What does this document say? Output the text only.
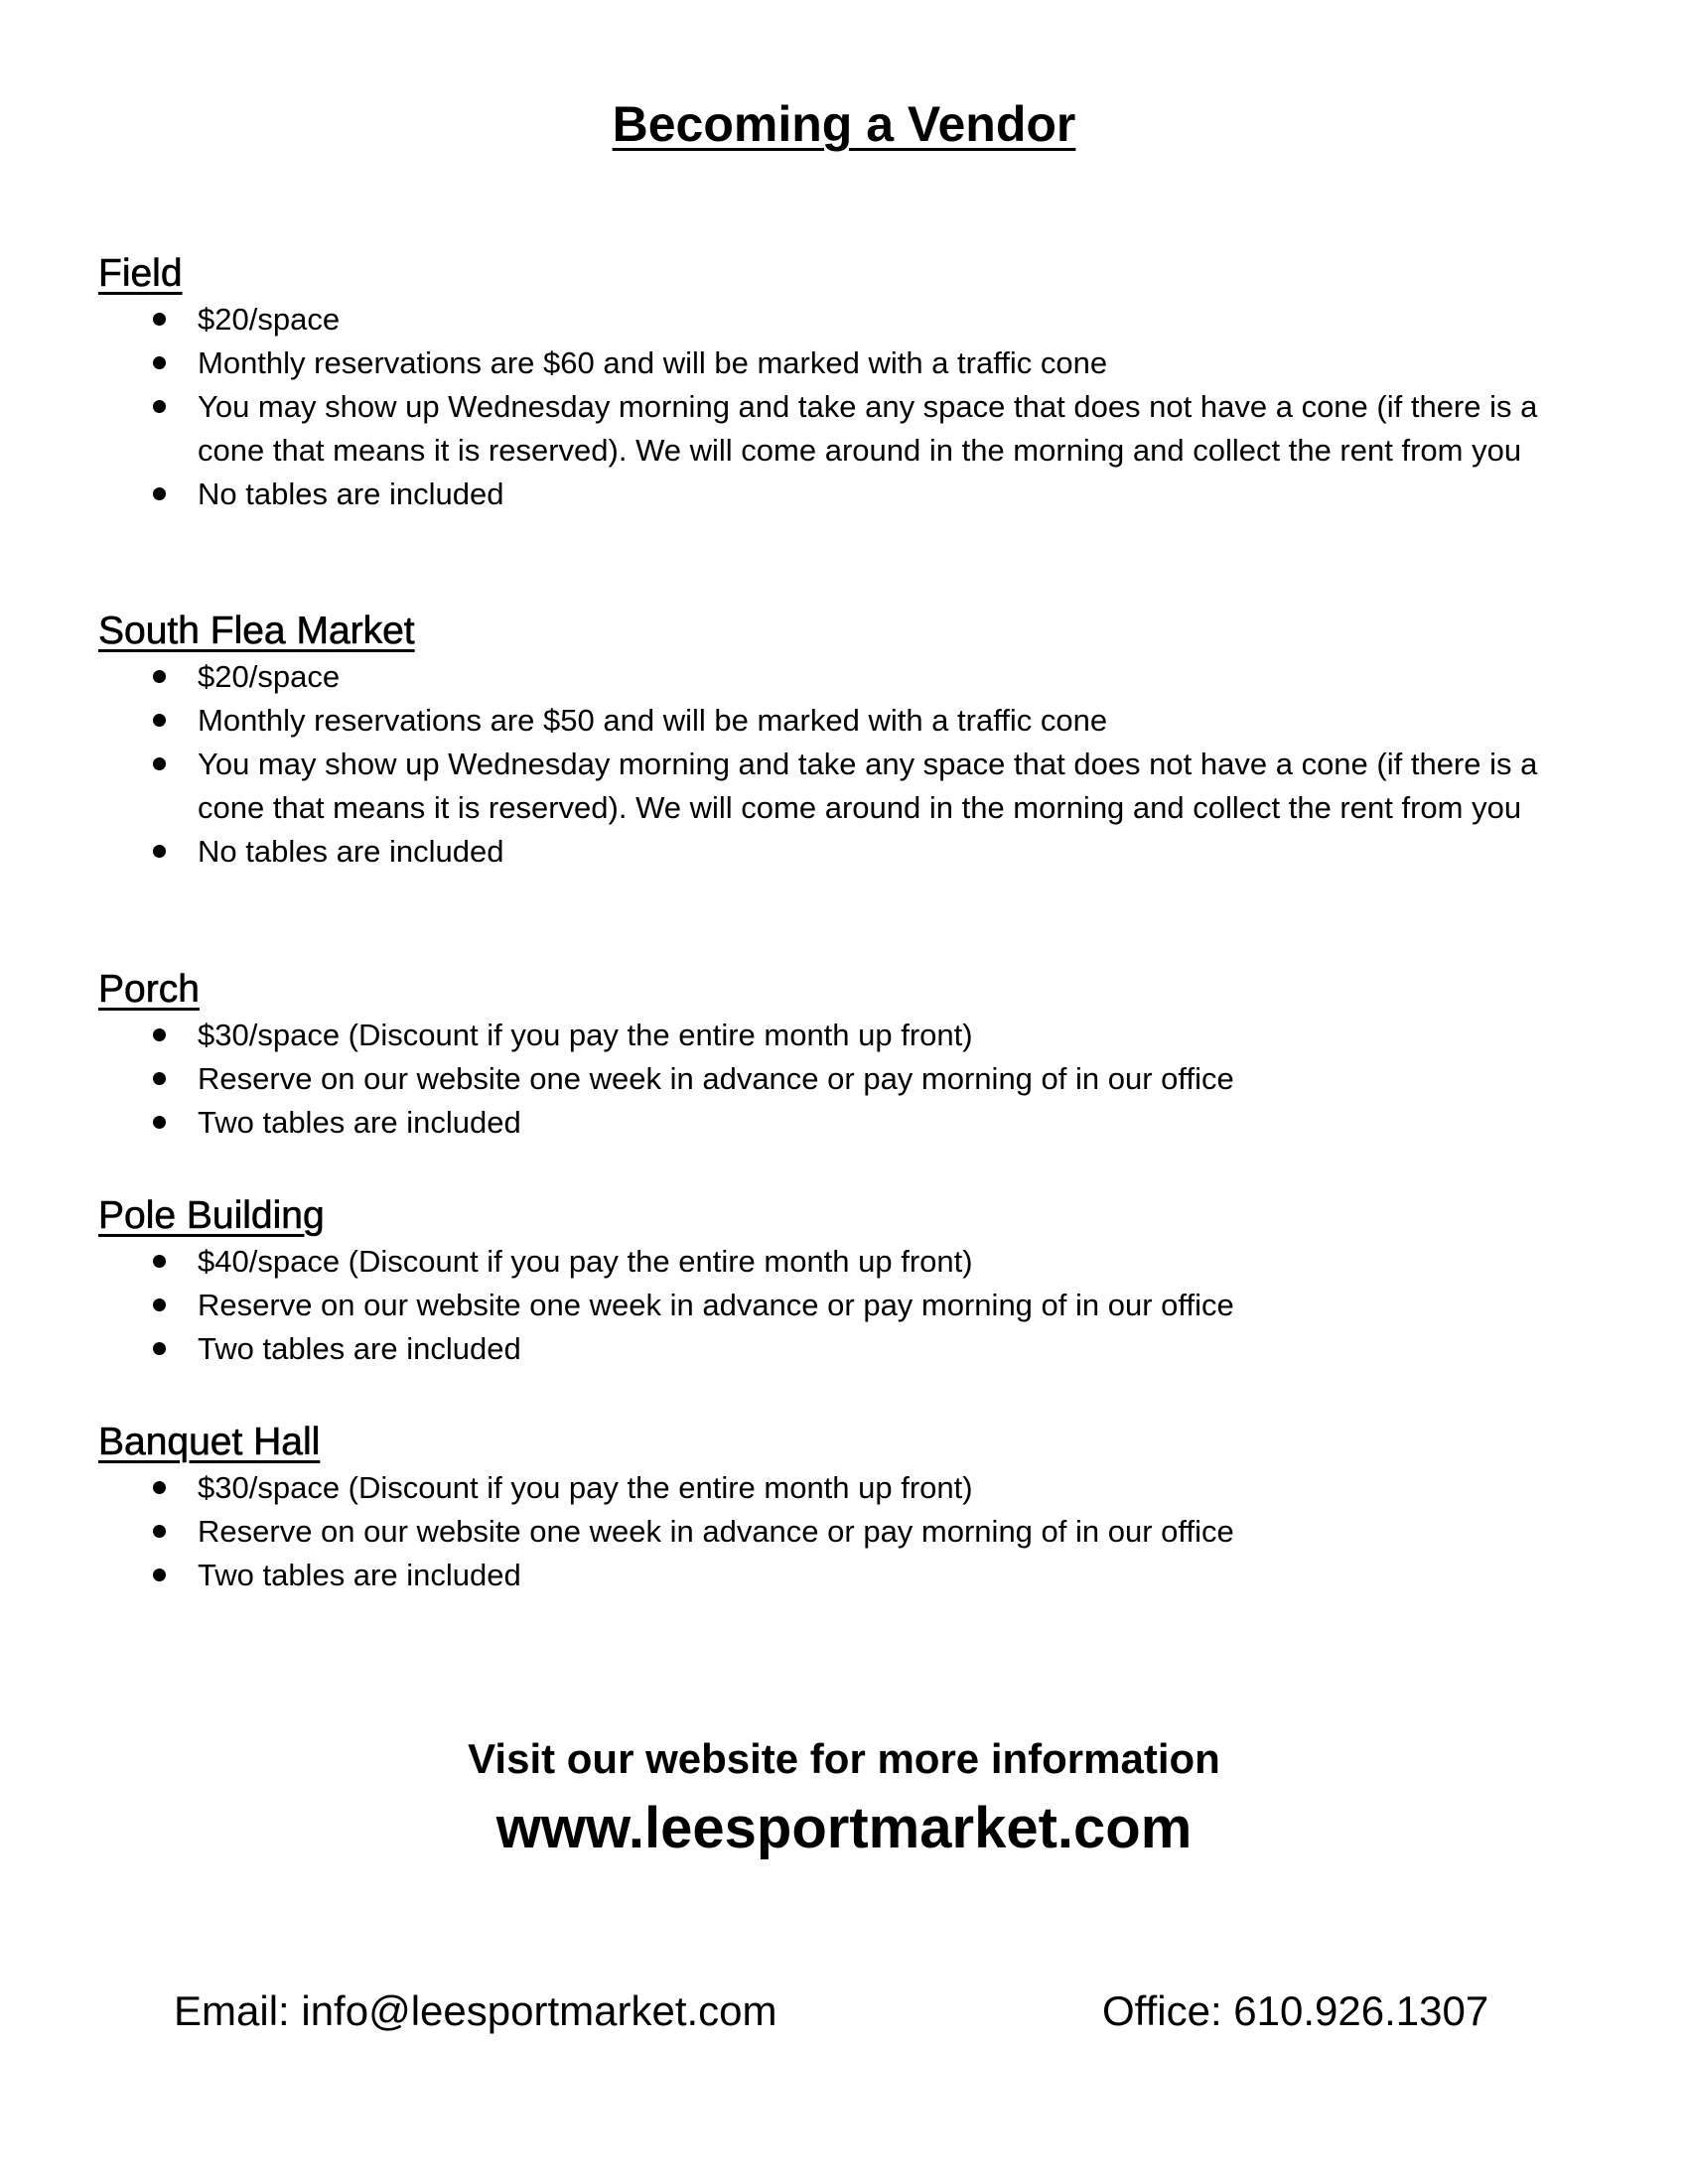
Becoming a Vendor
Field
$20/space
Monthly reservations are $60 and will be marked with a traffic cone
You may show up Wednesday morning and take any space that does not have a cone (if there is a cone that means it is reserved). We will come around in the morning and collect the rent from you
No tables are included
South Flea Market
$20/space
Monthly reservations are $50 and will be marked with a traffic cone
You may show up Wednesday morning and take any space that does not have a cone (if there is a cone that means it is reserved). We will come around in the morning and collect the rent from you
No tables are included
Porch
$30/space (Discount if you pay the entire month up front)
Reserve on our website one week in advance or pay morning of in our office
Two tables are included
Pole Building
$40/space (Discount if you pay the entire month up front)
Reserve on our website one week in advance or pay morning of in our office
Two tables are included
Banquet Hall
$30/space (Discount if you pay the entire month up front)
Reserve on our website one week in advance or pay morning of in our office
Two tables are included

Visit our website for more information

www.leesportmarket.com

Email: info@leesportmarket.com	Office: 610.926.1307
